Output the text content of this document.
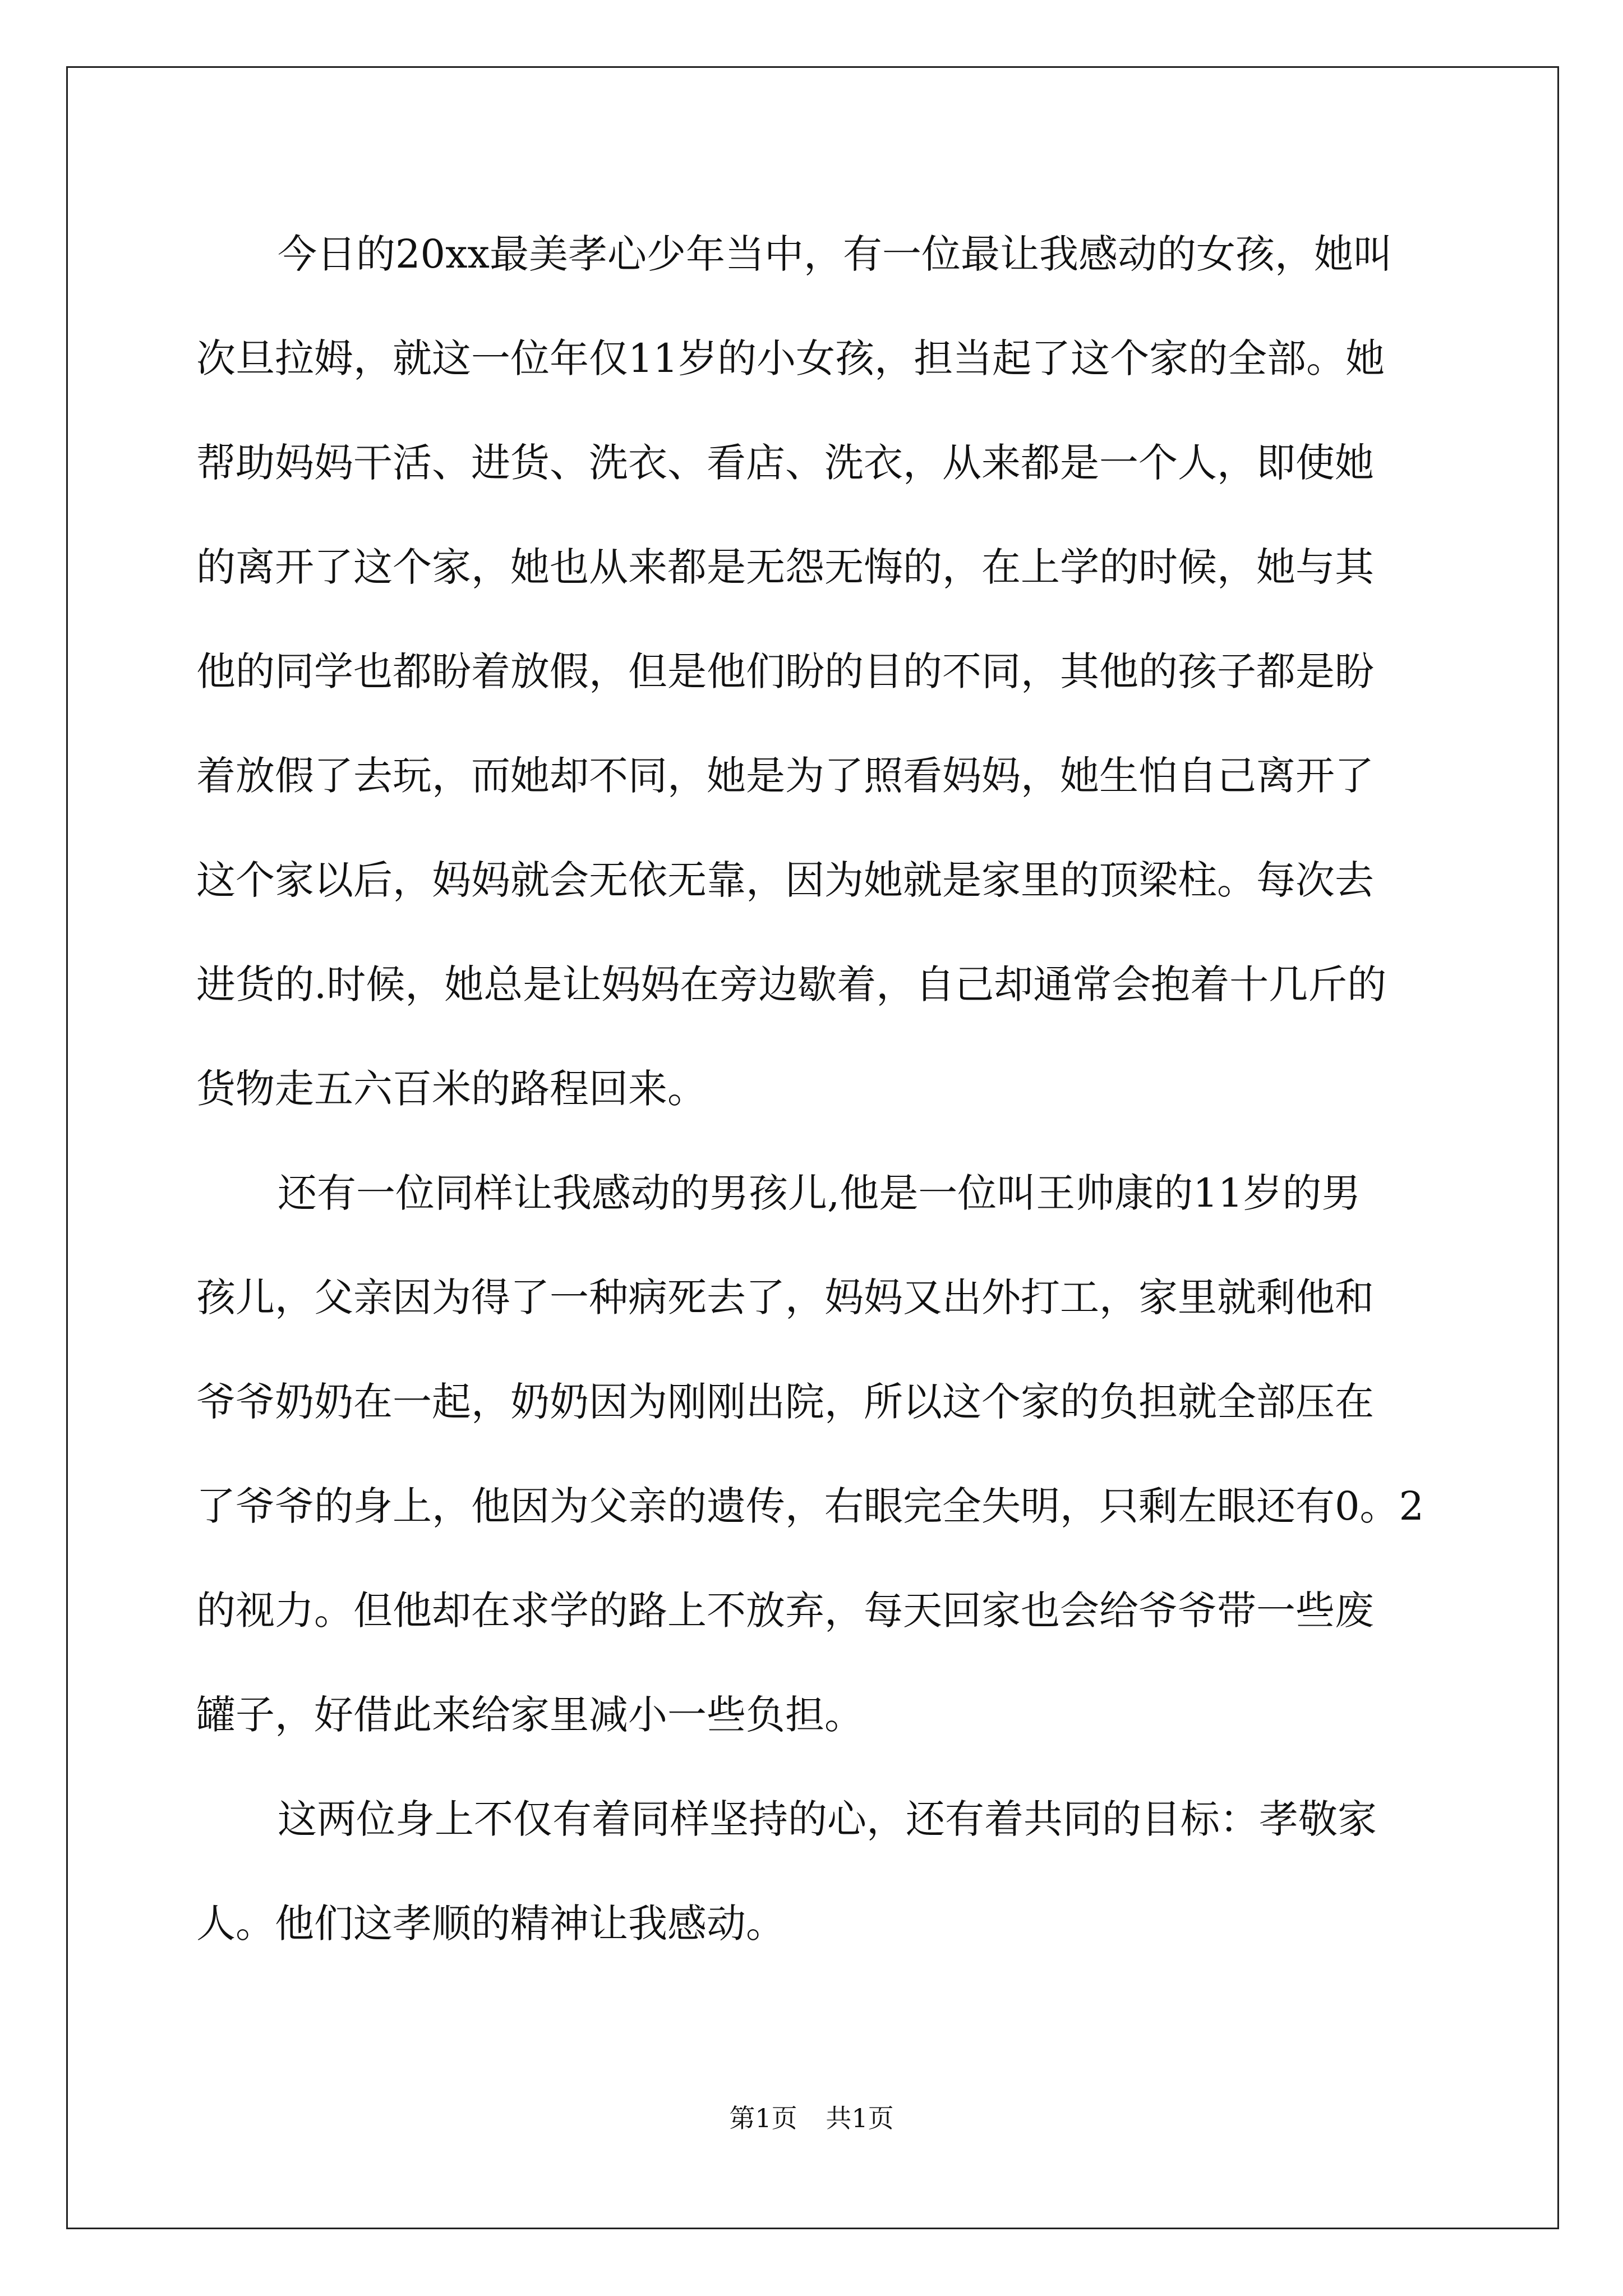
今日的20xx最美孝心少年当中，有一位最让我感动的女孩，她叫
次旦拉姆，就这一位年仅11岁的小女孩，担当起了这个家的全部。她
帮助妈妈干活、进货、洗衣、看店、洗衣，从来都是一个人，即使她
的离开了这个家，她也从来都是无怨无悔的，在上学的时候，她与其
他的同学也都盼着放假，但是他们盼的目的不同，其他的孩子都是盼
着放假了去玩，而她却不同，她是为了照看妈妈，她生怕自己离开了
这个家以后，妈妈就会无依无靠，因为她就是家里的顶梁柱。每次去
进货的.时候，她总是让妈妈在旁边歇着，自己却通常会抱着十几斤的
货物走五六百米的路程回来。
还有一位同样让我感动的男孩儿,他是一位叫王帅康的11岁的男
孩儿，父亲因为得了一种病死去了，妈妈又出外打工，家里就剩他和
爷爷奶奶在一起，奶奶因为刚刚出院，所以这个家的负担就全部压在
了爷爷的身上，他因为父亲的遗传，右眼完全失明，只剩左眼还有0。2
的视力。但他却在求学的路上不放弃，每天回家也会给爷爷带一些废
罐子，好借此来给家里减小一些负担。
这两位身上不仅有着同样坚持的心，还有着共同的目标：孝敬家
人。他们这孝顺的精神让我感动。
第1页 共1页
